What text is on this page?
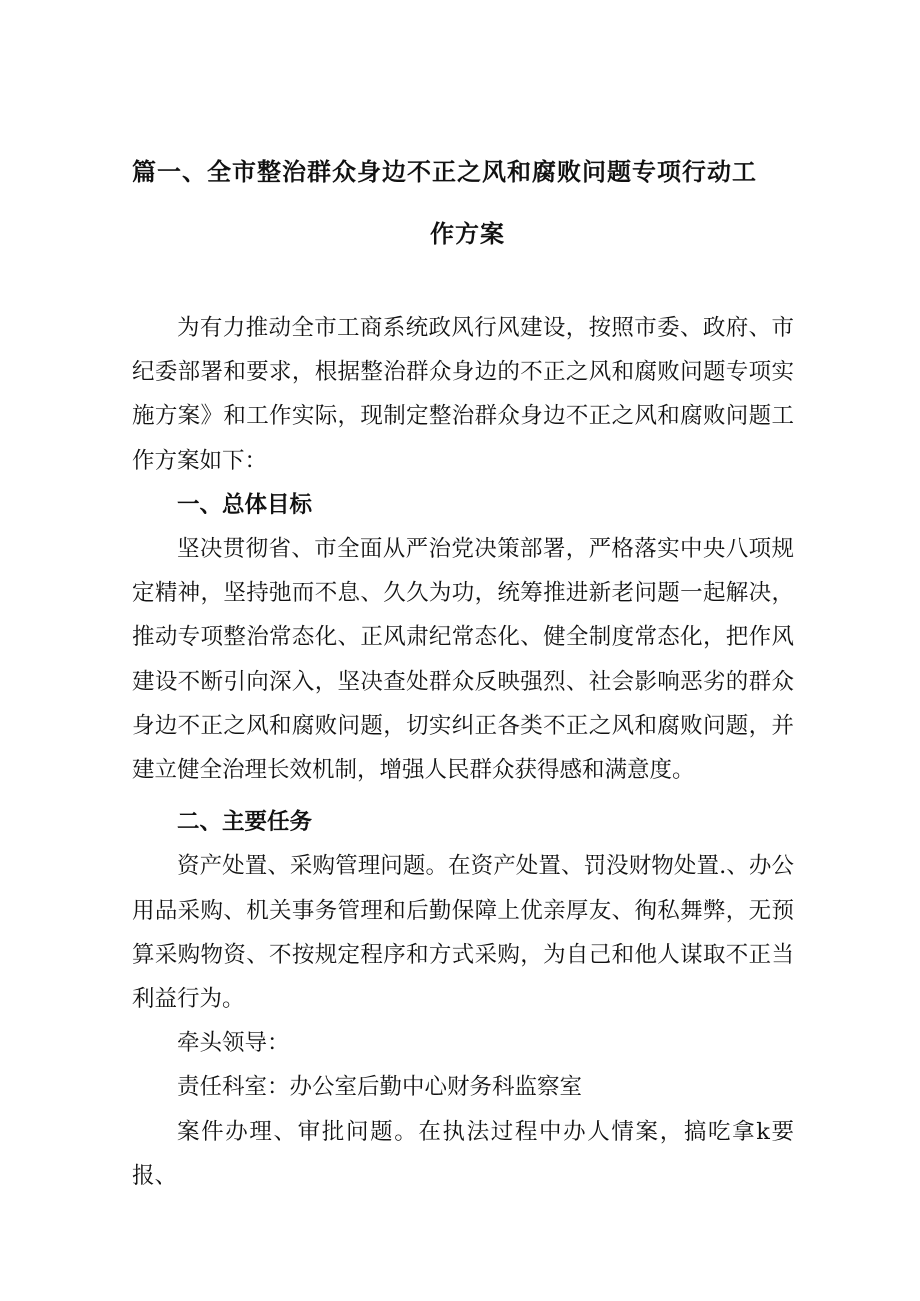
篇一、全市整治群众身边不正之风和腐败问题专项行动工
作方案

为有力推动全市工商系统政风行风建设，按照市委、政府、市纪委部署和要求，根据整治群众身边的不正之风和腐败问题专项实施方案》和工作实际，现制定整治群众身边不正之风和腐败问题工作方案如下：

一、总体目标

坚决贯彻省、市全面从严治党决策部署，严格落实中央八项规定精神，坚持弛而不息、久久为功，统筹推进新老问题一起解决，推动专项整治常态化、正风肃纪常态化、健全制度常态化，把作风建设不断引向深入，坚决查处群众反映强烈、社会影响恶劣的群众身边不正之风和腐败问题，切实纠正各类不正之风和腐败问题，并建立健全治理长效机制，增强人民群众获得感和满意度。

二、主要任务

资产处置、采购管理问题。在资产处置、罚没财物处置.、办公用品采购、机关事务管理和后勤保障上优亲厚友、徇私舞弊，无预算采购物资、不按规定程序和方式采购，为自己和他人谋取不正当利益行为。

牵头领导：

责任科室：办公室后勤中心财务科监察室

案件办理、审批问题。在执法过程中办人情案，搞吃拿k要报、
